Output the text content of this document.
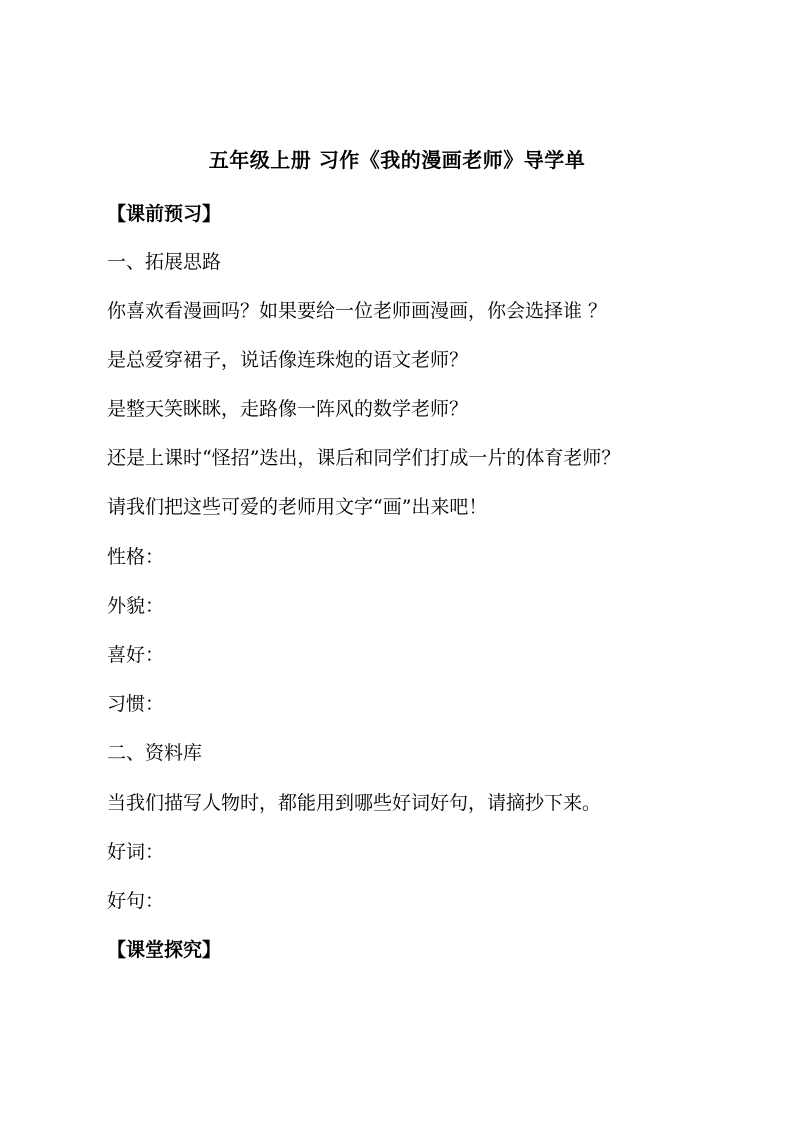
五年级上册 习作《我的漫画老师》导学单
【课前预习】
一、拓展思路
你喜欢看漫画吗？如果要给一位老师画漫画，你会选择谁 ？
是总爱穿裙子，说话像连珠炮的语文老师？
是整天笑眯眯，走路像一阵风的数学老师？
还是上课时“怪招”迭出，课后和同学们打成一片的体育老师？
请我们把这些可爱的老师用文字“画”出来吧！
性格：
外貌：
喜好：
习惯：
二、资料库
当我们描写人物时，都能用到哪些好词好句，请摘抄下来。
好词：
好句：
【课堂探究】
